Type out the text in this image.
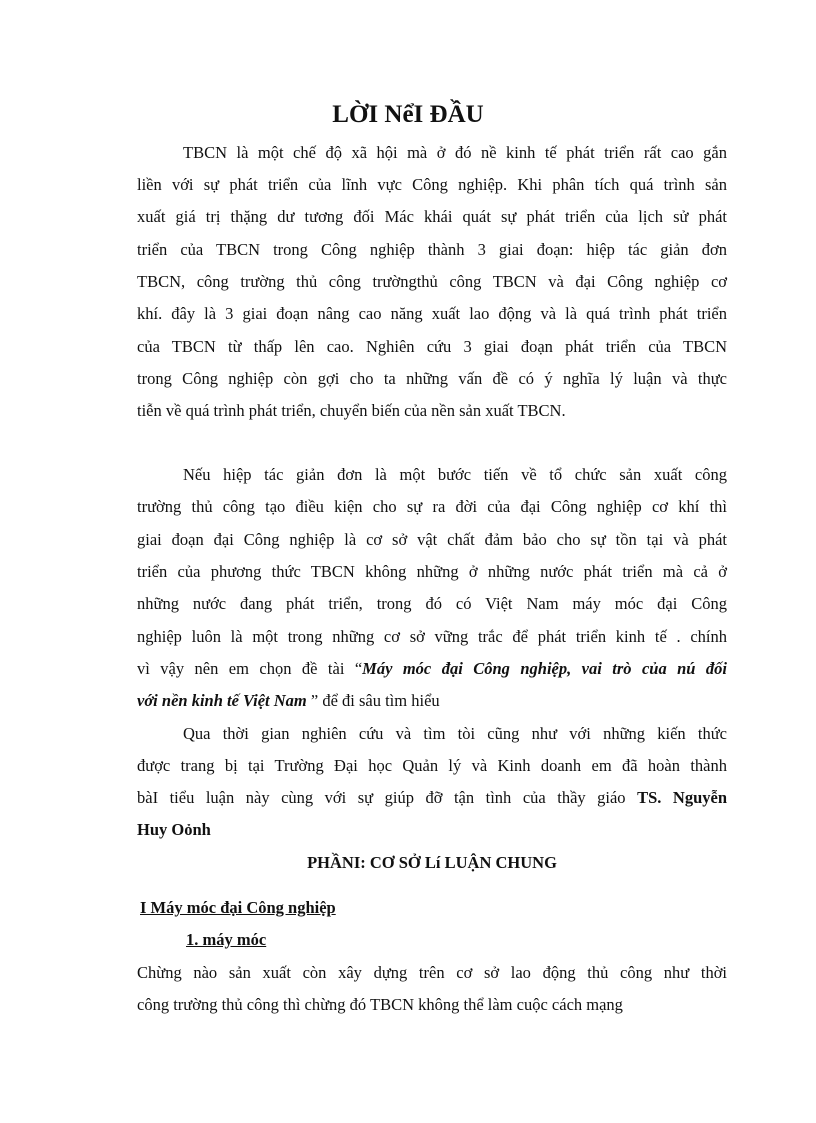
LỜI NểI ĐẦU
TBCN là một chế độ xã hội mà ở đó nề kinh tế phát triển rất cao gắn
liền với sự phát triển của lĩnh vực Công nghiệp. Khi phân tích quá trình sản
xuất giá trị thặng dư tương đối Mác khái quát sự phát triển của lịch sử phát
triển của TBCN trong Công nghiệp thành 3 giai đoạn: hiệp tác giản đơn
TBCN, công trường thủ công trườngthủ công TBCN và đại Công nghiệp cơ
khí. đây là 3 giai đoạn nâng cao năng xuất lao động và là quá trình phát triển
của TBCN từ thấp lên cao. Nghiên cứu 3 giai đoạn phát triển của TBCN
trong Công nghiệp còn gợi cho ta những vấn đề có ý nghĩa lý luận và thực
tiễn về quá trình phát triển, chuyển biến của nền sản xuất TBCN.
Nếu hiệp tác giản đơn là một bước tiến về tổ chức sản xuất công
trường thủ công tạo điều kiện cho sự ra đời của đại Công nghiệp cơ khí thì
giai đoạn đại Công nghiệp là cơ sở vật chất đảm bảo cho sự tồn tại và phát
triển của phương thức TBCN không những ở những nước phát triển mà cả ở
những nước đang phát triển, trong đó có Việt Nam máy móc đại Công
nghiệp luôn là một trong những cơ sở vững trắc để phát triển kinh tế . chính
vì vậy nên em chọn đề tài “Máy móc đại Công nghiệp, vai trò của nú đối
với nền kinh tế Việt Nam ” để đi sâu tìm hiểu
Qua thời gian nghiên cứu và tìm tòi cũng như với những kiến thức
được trang bị tại Trường Đại học Quản lý và Kinh doanh em đã hoàn thành
bàI tiểu luận này cùng với sự giúp đỡ tận tình của thầy giáo TS. Nguyễn
Huy Oỏnh
PHẦNI: CƠ SỞ Lí LUẬN CHUNG
I Máy móc đại Công nghiệp
1. máy móc
Chừng nào sản xuất còn xây dựng trên cơ sở lao động thủ công như thời
công trường thủ công thì chừng đó TBCN không thể làm cuộc cách mạng
